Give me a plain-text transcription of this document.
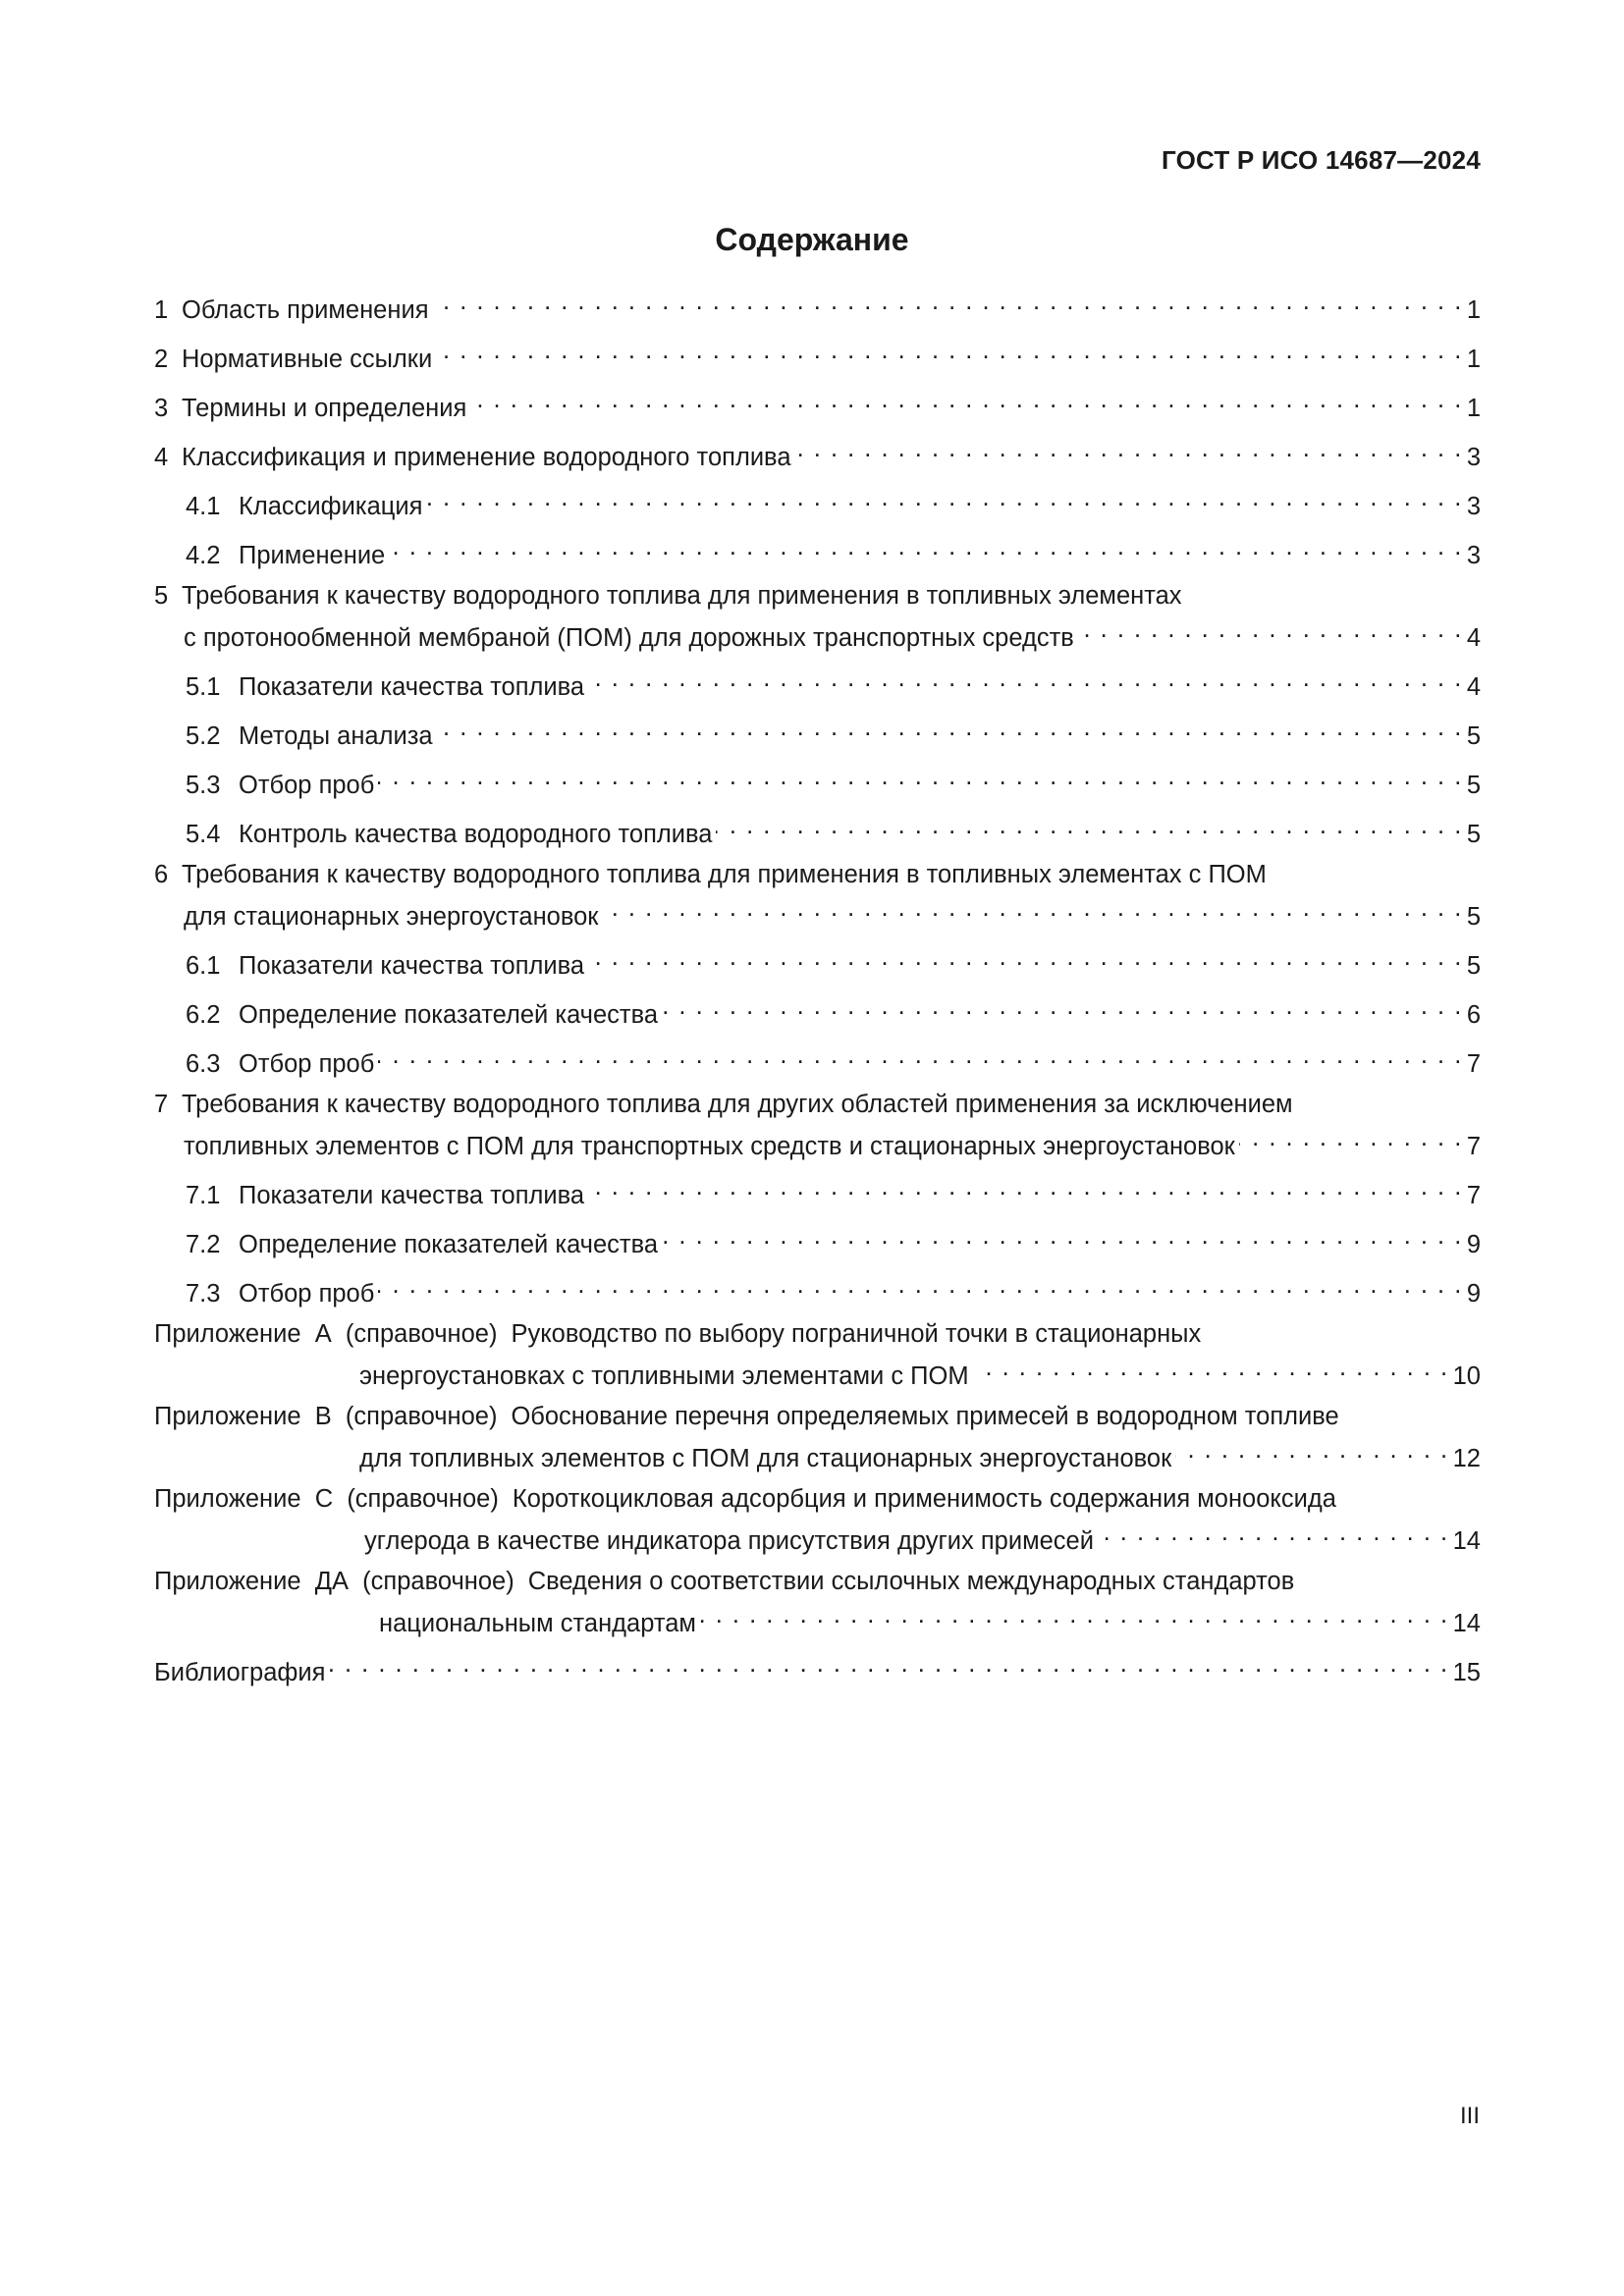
ГОСТ Р ИСО 14687—2024
Содержание
1 Область применения . . .	1
2 Нормативные ссылки . . .	1
3 Термины и определения . . .	1
4 Классификация и применение водородного топлива . . .	3
4.1 Классификация . . .	3
4.2 Применение . . .	3
5 Требования к качеству водородного топлива для применения в топливных элементах
с протонообменной мембраной (ПОМ) для дорожных транспортных средств . . .	4
5.1 Показатели качества топлива . . .	4
5.2 Методы анализа . . .	5
5.3 Отбор проб . . .	5
5.4 Контроль качества водородного топлива . . .	5
6 Требования к качеству водородного топлива для применения в топливных элементах с ПОМ
для стационарных энергоустановок . . .	5
6.1 Показатели качества топлива . . .	5
6.2 Определение показателей качества . . .	6
6.3 Отбор проб . . .	7
7 Требования к качеству водородного топлива для других областей применения за исключением
топливных элементов с ПОМ для транспортных средств и стационарных энергоустановок . . .	7
7.1 Показатели качества топлива . . .	7
7.2 Определение показателей качества . . .	9
7.3 Отбор проб . . .	9
Приложение  А  (справочное) Руководство по выбору пограничной точки в стационарных
энергоустановках с топливными элементами с ПОМ . . .	10
Приложение  В  (справочное) Обоснование перечня определяемых примесей в водородном топливе
для топливных элементов с ПОМ для стационарных энергоустановок . . .	12
Приложение  С  (справочное) Короткоцикловая адсорбция и применимость содержания монооксида
углерода в качестве индикатора присутствия других примесей . . .	14
Приложение  ДА  (справочное) Сведения о соответствии ссылочных международных стандартов
национальным стандартам . . .	14
Библиография . . .	15
III
